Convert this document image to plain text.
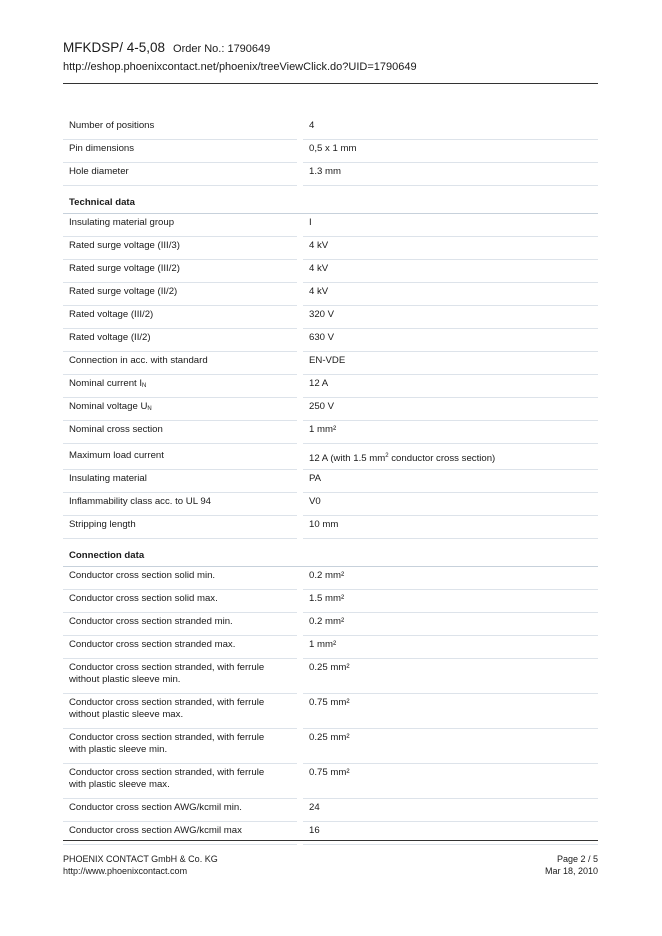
MFKDSP/ 4-5,08 Order No.: 1790649
http://eshop.phoenixcontact.net/phoenix/treeViewClick.do?UID=1790649
Number of positions	4
Pin dimensions	0,5 x 1 mm
Hole diameter	1.3 mm
Technical data
Insulating material group	I
Rated surge voltage (III/3)	4 kV
Rated surge voltage (III/2)	4 kV
Rated surge voltage (II/2)	4 kV
Rated voltage (III/2)	320 V
Rated voltage (II/2)	630 V
Connection in acc. with standard	EN-VDE
Nominal current $I_N$	12 A
Nominal voltage $U_N$	250 V
Nominal cross section	1 mm²
Maximum load current	12 A (with 1.5 $mm^2$ conductor cross section)
Insulating material	PA
Inflammability class acc. to UL 94	V0
Stripping length	10 mm
Connection data
Conductor cross section solid min.	0.2 mm²
Conductor cross section solid max.	1.5 mm²
Conductor cross section stranded min.	0.2 mm²
Conductor cross section stranded max.	1 mm²

Conductor cross section stranded, with ferrule
without plastic sleeve min.	0.25 mm²

Conductor cross section stranded, with ferrule
without plastic sleeve max.	0.75 mm²

Conductor cross section stranded, with ferrule
with plastic sleeve min.	0.25 mm²

Conductor cross section stranded, with ferrule
with plastic sleeve max.	0.75 mm²
Conductor cross section AWG/kcmil min.	24
Conductor cross section AWG/kcmil max	16
PHOENIX CONTACT GmbH & Co. KG
http://www.phoenixcontact.com
Page 2 / 5
Mar 18, 2010
